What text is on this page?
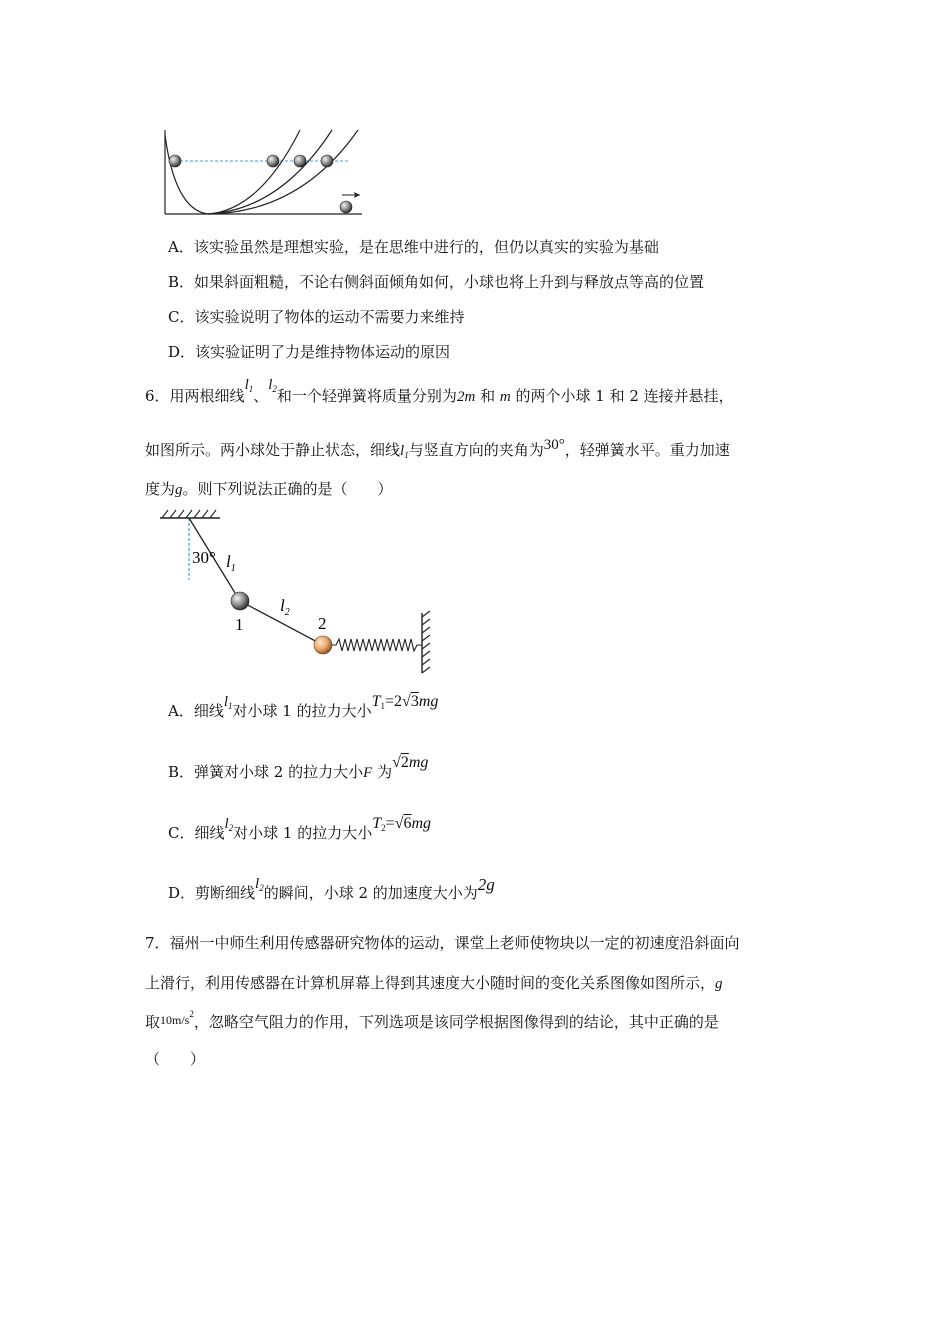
A．该实验虽然是理想实验，是在思维中进行的，但仍以真实的实验为基础
B．如果斜面粗糙，不论右侧斜面倾角如何，小球也将上升到与释放点等高的位置
C．该实验说明了物体的运动不需要力来维持
D．该实验证明了力是维持物体运动的原因
6．用两根细线$l_1$、$l_2$和一个轻弹簧将质量分别为2m 和 m 的两个小球 1 和 2 连接并悬挂，
如图所示。两小球处于静止状态，细线$l_1$与竖直方向的夹角为30°，轻弹簧水平。重力加速
度为g。则下列说法正确的是（　　）
30° $l_1$
$l_2$
1	2
A．细线$l_1$对小球 1 的拉力大小$T_1=2√3mg$
B．弹簧对小球 2 的拉力大小F 为√2mg
C．细线$l_2$对小球 1 的拉力大小$T_2=√6mg$
D．剪断细线$l_2$的瞬间，小球 2 的加速度大小为2g
7．福州一中师生利用传感器研究物体的运动，课堂上老师使物块以一定的初速度沿斜面向
上滑行，利用传感器在计算机屏幕上得到其速度大小随时间的变化关系图像如图所示，g
取$^{10m/s^2}$，忽略空气阻力的作用，下列选项是该同学根据图像得到的结论，其中正确的是
（　　）
